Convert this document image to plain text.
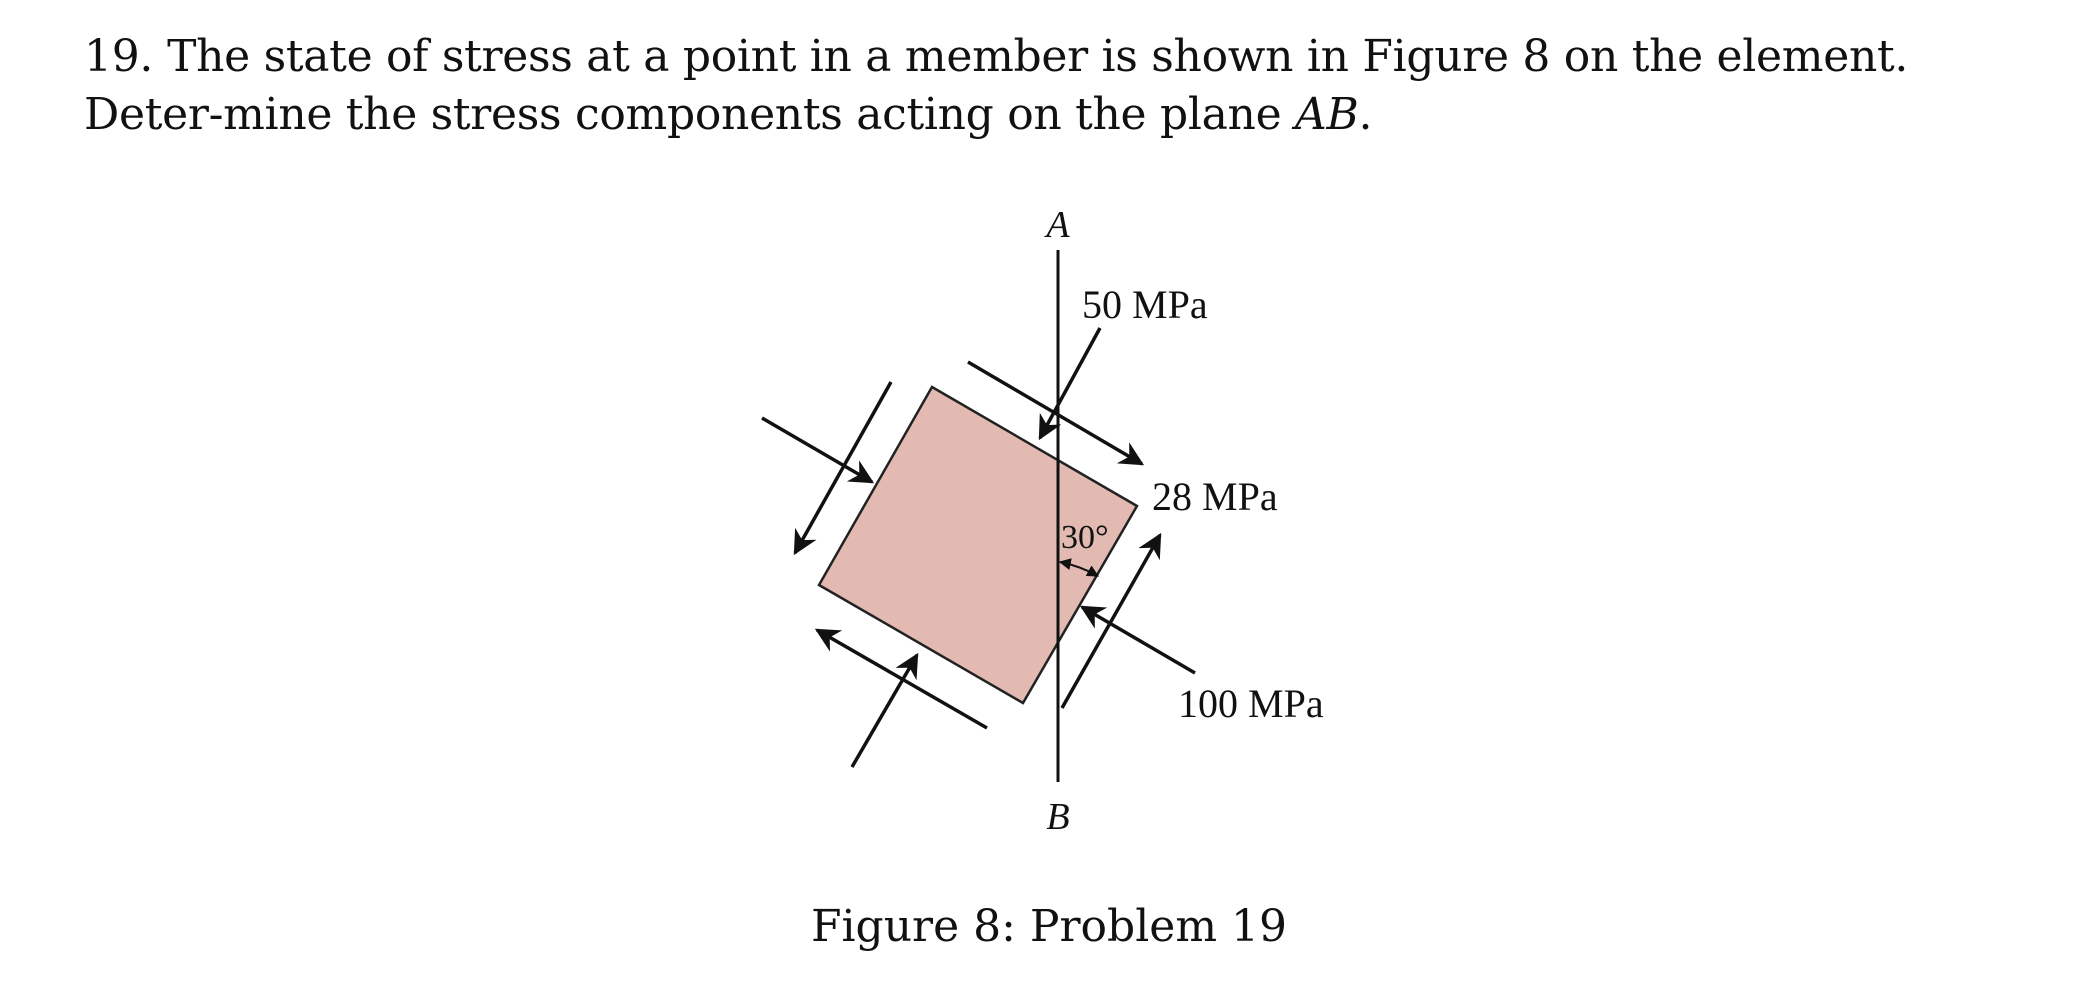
19. The state of stress at a point in a member is shown in Figure 8 on the element. Deter-mine the stress components acting on the plane AB.

A
B
50 MPa
28 MPa
100 MPa
30°

Figure 8: Problem 19
